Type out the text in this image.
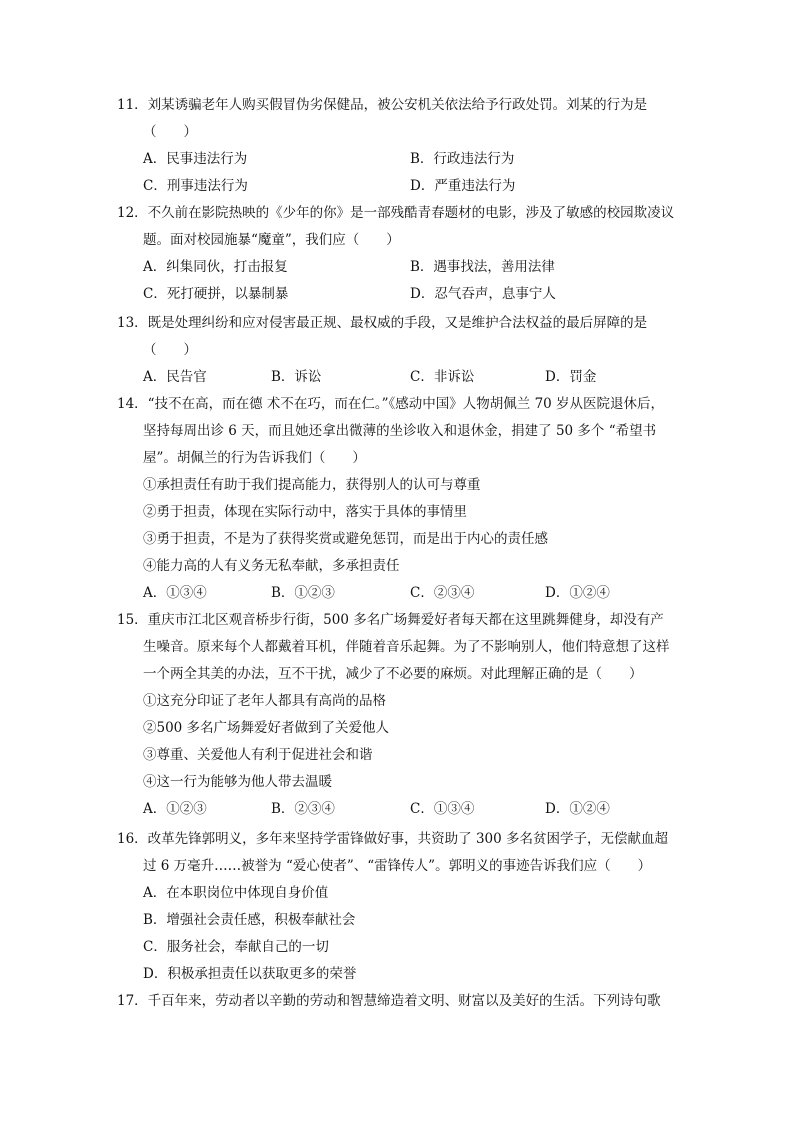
11．刘某诱骗老年人购买假冒伪劣保健品，被公安机关依法给予行政处罚。刘某的行为是（　　）

A．民事违法行为	B．行政违法行为
C．刑事违法行为	D．严重违法行为

12．不久前在影院热映的《少年的你》是一部残酷青春题材的电影，涉及了敏感的校园欺凌议题。面对校园施暴“魔童”，我们应（　　）

A．纠集同伙，打击报复	B．遇事找法，善用法律
C．死打硬拼，以暴制暴	D．忍气吞声，息事宁人

13．既是处理纠纷和应对侵害最正规、最权威的手段，又是维护合法权益的最后屏障的是（　　）

A．民告官	B．诉讼	C．非诉讼	D．罚金

14．“技不在高，而在德 术不在巧，而在仁。”《感动中国》人物胡佩兰 70 岁从医院退休后，坚持每周出诊 6 天，而且她还拿出微薄的坐诊收入和退休金，捐建了 50 多个 “希望书屋”。胡佩兰的行为告诉我们（　　）

①承担责任有助于我们提高能力，获得别人的认可与尊重

②勇于担责，体现在实际行动中，落实于具体的事情里

③勇于担责，不是为了获得奖赏或避免惩罚，而是出于内心的责任感

④能力高的人有义务无私奉献，多承担责任

A．①③④	B．①②③	C．②③④	D．①②④

15．重庆市江北区观音桥步行街，500 多名广场舞爱好者每天都在这里跳舞健身，却没有产生噪音。原来每个人都戴着耳机，伴随着音乐起舞。为了不影响别人，他们特意想了这样一个两全其美的办法，互不干扰，减少了不必要的麻烦。对此理解正确的是（　　）

①这充分印证了老年人都具有高尚的品格

②500 多名广场舞爱好者做到了关爱他人

③尊重、关爱他人有利于促进社会和谐

④这一行为能够为他人带去温暖

A．①②③	B．②③④	C．①③④	D．①②④

16．改革先锋郭明义，多年来坚持学雷锋做好事，共资助了 300 多名贫困学子，无偿献血超过 6 万毫升……被誉为 “爱心使者”、“雷锋传人”。郭明义的事迹告诉我们应（　　）

A．在本职岗位中体现自身价值

B．增强社会责任感，积极奉献社会

C．服务社会，奉献自己的一切

D．积极承担责任以获取更多的荣誉

17．千百年来，劳动者以辛勤的劳动和智慧缔造着文明、财富以及美好的生活。下列诗句歌
